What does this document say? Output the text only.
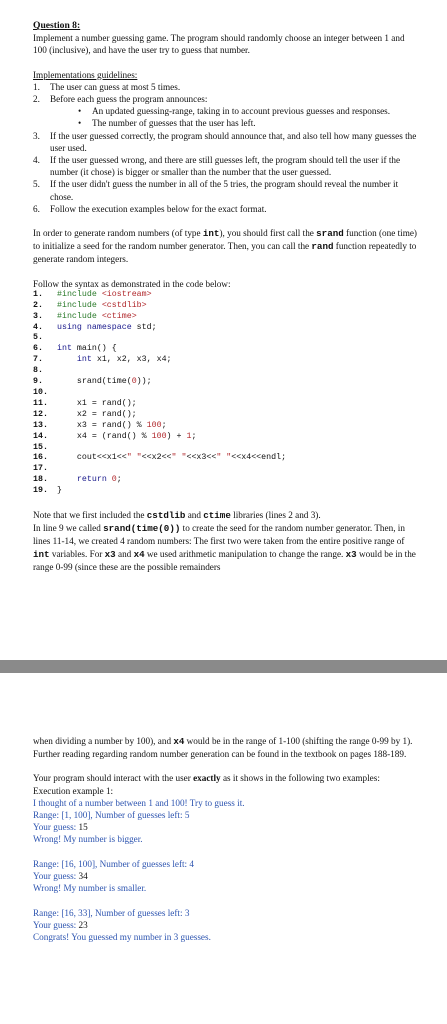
Question 8:

Implement a number guessing game. The program should randomly choose an integer between 1 and 100 (inclusive), and have the user try to guess that number.

Implementations guidelines:

1. The user can guess at most 5 times.
2. Before each guess the program announces:
• An updated guessing-range, taking in to account previous guesses and responses.
• The number of guesses that the user has left.
3. If the user guessed correctly, the program should announce that, and also tell how many guesses the user used.
4. If the user guessed wrong, and there are still guesses left, the program should tell the user if the number (it chose) is bigger or smaller than the number that the user guessed.
5. If the user didn't guess the number in all of the 5 tries, the program should reveal the number it chose.
6. Follow the execution examples below for the exact format.

In order to generate random numbers (of type int), you should first call the srand function (one time) to initialize a seed for the random number generator. Then, you can call the rand function repeatedly to generate random integers.

Follow the syntax as demonstrated in the code below:

1. #include <iostream>
2. #include <cstdlib>
3. #include <ctime>
4. using namespace std;
5.
6. int main() {
7.	int x1, x2, x3, x4;
8.
9.    srand(time(0));
10.
11.    x1 = rand();
12.    x2 = rand();
13.    x3 = rand() % 100;
14.    x4 = (rand() % 100) + 1;
15.
16.    cout<<x1<<" "<<x2<<" "<<x3<<" "<<x4<<endl;
17.
18.	return 0;
19. }

Note that we first included the cstdlib and ctime libraries (lines 2 and 3).
In line 9 we called srand(time(0)) to create the seed for the random number generator. Then, in lines 11-14, we created 4 random numbers: The first two were taken from the entire positive range of int variables. For x3 and x4 we used arithmetic manipulation to change the range. x3 would be in the range 0-99 (since these are the possible remainders

when dividing a number by 100), and x4 would be in the range of 1-100 (shifting the range 0-99 by 1).

Further reading regarding random number generation can be found in the textbook on pages 188-189.

Your program should interact with the user exactly as it shows in the following two examples:

Execution example 1:

I thought of a number between 1 and 100! Try to guess it.
Range: [1, 100], Number of guesses left: 5
Your guess: 15
Wrong! My number is bigger.
Range: [16, 100], Number of guesses left: 4
Your guess: 34
Wrong! My number is smaller.
Range: [16, 33], Number of guesses left: 3
Your guess: 23
Congrats! You guessed my number in 3 guesses.
